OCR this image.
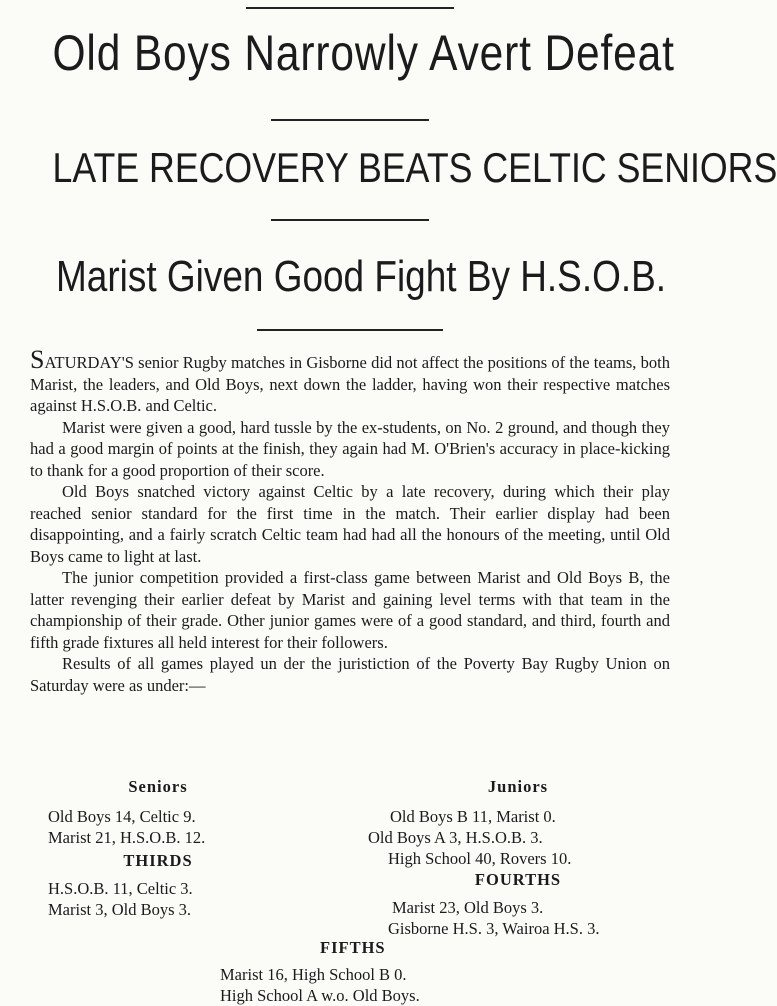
Old Boys Narrowly Avert Defeat
LATE RECOVERY BEATS CELTIC SENIORS
Marist Given Good Fight By H.S.O.B.

SATURDAY'S senior Rugby matches in Gisborne did not affect the positions of the teams, both Marist, the leaders, and Old Boys, next down the ladder, having won their respective matches against H.S.O.B. and Celtic.

Marist were given a good, hard tussle by the ex-students, on No. 2 ground, and though they had a good margin of points at the finish, they again had M. O'Brien's accuracy in place-kicking to thank for a good proportion of their score.

Old Boys snatched victory against Celtic by a late recovery, during which their play reached senior standard for the first time in the match. Their earlier display had been disappointing, and a fairly scratch Celtic team had had all the honours of the meeting, until Old Boys came to light at last.

The junior competition provided a first-class game between Marist and Old Boys B, the latter revenging their earlier defeat by Marist and gaining level terms with that team in the championship of their grade. Other junior games were of a good standard, and third, fourth and fifth grade fixtures all held interest for their followers.

Results of all games played un der the juristiction of the Poverty Bay Rugby Union on Saturday were as under:—

Seniors
Old Boys 14, Celtic 9.
Marist 21, H.S.O.B. 12.
THIRDS
H.S.O.B. 11, Celtic 3.
Marist 3, Old Boys 3.
Juniors
Old Boys B 11, Marist 0.
Old Boys A 3, H.S.O.B. 3.
High School 40, Rovers 10.
FOURTHS
Marist 23, Old Boys 3.
Gisborne H.S. 3, Wairoa H.S. 3.
FIFTHS
Marist 16, High School B 0.
High School A w.o. Old Boys.
